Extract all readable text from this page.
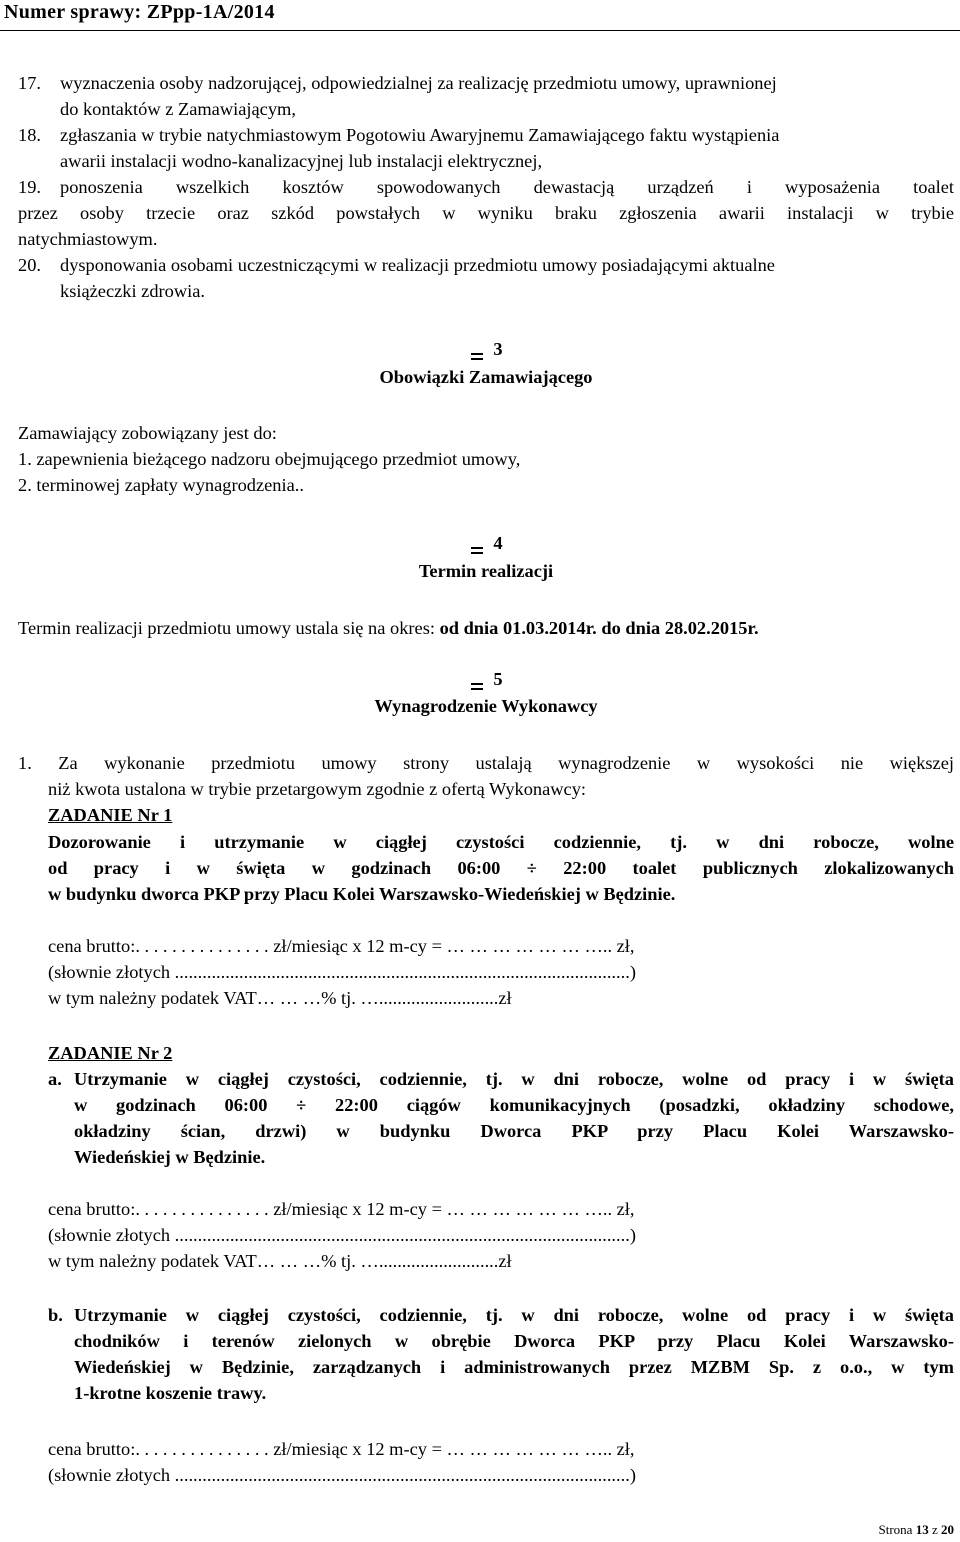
Numer sprawy: ZPpp-1A/2014
17. wyznaczenia osoby nadzorującej, odpowiedzialnej za realizację przedmiotu umowy, uprawnionej
do kontaktów z Zamawiającym,
18. zgłaszania w trybie natychmiastowym Pogotowiu Awaryjnemu Zamawiającego faktu wystąpienia
awarii instalacji wodno-kanalizacyjnej lub instalacji elektrycznej,
19. ponoszenia wszelkich kosztów spowodowanych dewastacją urządzeń i wyposażenia toalet
przez osoby trzecie oraz szkód powstałych w wyniku braku zgłoszenia awarii instalacji w trybie
natychmiastowym.
20. dysponowania osobami uczestniczącymi w realizacji przedmiotu umowy posiadającymi aktualne
książeczki zdrowia.
3
Obowiązki Zamawiającego
Zamawiający zobowiązany jest do:
1. zapewnienia bieżącego nadzoru obejmującego przedmiot umowy,
2. terminowej zapłaty wynagrodzenia..
4
Termin realizacji
Termin realizacji przedmiotu umowy ustala się na okres: od dnia 01.03.2014r. do dnia 28.02.2015r.
5
Wynagrodzenie Wykonawcy
1. Za wykonanie przedmiotu umowy strony ustalają wynagrodzenie w wysokości nie większej
niż kwota ustalona w trybie przetargowym zgodnie z ofertą Wykonawcy:
ZADANIE Nr 1
Dozorowanie i utrzymanie w ciągłej czystości codziennie, tj. w dni robocze, wolne
od pracy i w święta w godzinach 06:00 ÷ 22:00 toalet publicznych zlokalizowanych
w budynku dworca PKP przy Placu Kolei Warszawsko-Wiedeńskiej w Będzinie.
cena brutto:. . . . . . . . . . . . . . . zł/miesiąc x 12 m-cy = … … … … … … ….. zł,
(słownie złotych ...................................................................................................)
w tym należny podatek VAT… … …% tj. …..........................zł
ZADANIE Nr 2
a. Utrzymanie w ciągłej czystości, codziennie, tj. w dni robocze, wolne od pracy i w święta
w godzinach 06:00 ÷ 22:00 ciągów komunikacyjnych (posadzki, okładziny schodowe,
okładziny ścian, drzwi) w budynku Dworca PKP przy Placu Kolei Warszawsko-
Wiedeńskiej w Będzinie.
cena brutto:. . . . . . . . . . . . . . . zł/miesiąc x 12 m-cy = … … … … … … ….. zł,
(słownie złotych ...................................................................................................)
w tym należny podatek VAT… … …% tj. …..........................zł
b. Utrzymanie w ciągłej czystości, codziennie, tj. w dni robocze, wolne od pracy i w święta
chodników i terenów zielonych w obrębie Dworca PKP przy Placu Kolei Warszawsko-
Wiedeńskiej w Będzinie, zarządzanych i administrowanych przez MZBM Sp. z o.o., w tym
1-krotne koszenie trawy.
cena brutto:. . . . . . . . . . . . . . . zł/miesiąc x 12 m-cy = … … … … … … ….. zł,
(słownie złotych ...................................................................................................)
Strona 13 z 20
